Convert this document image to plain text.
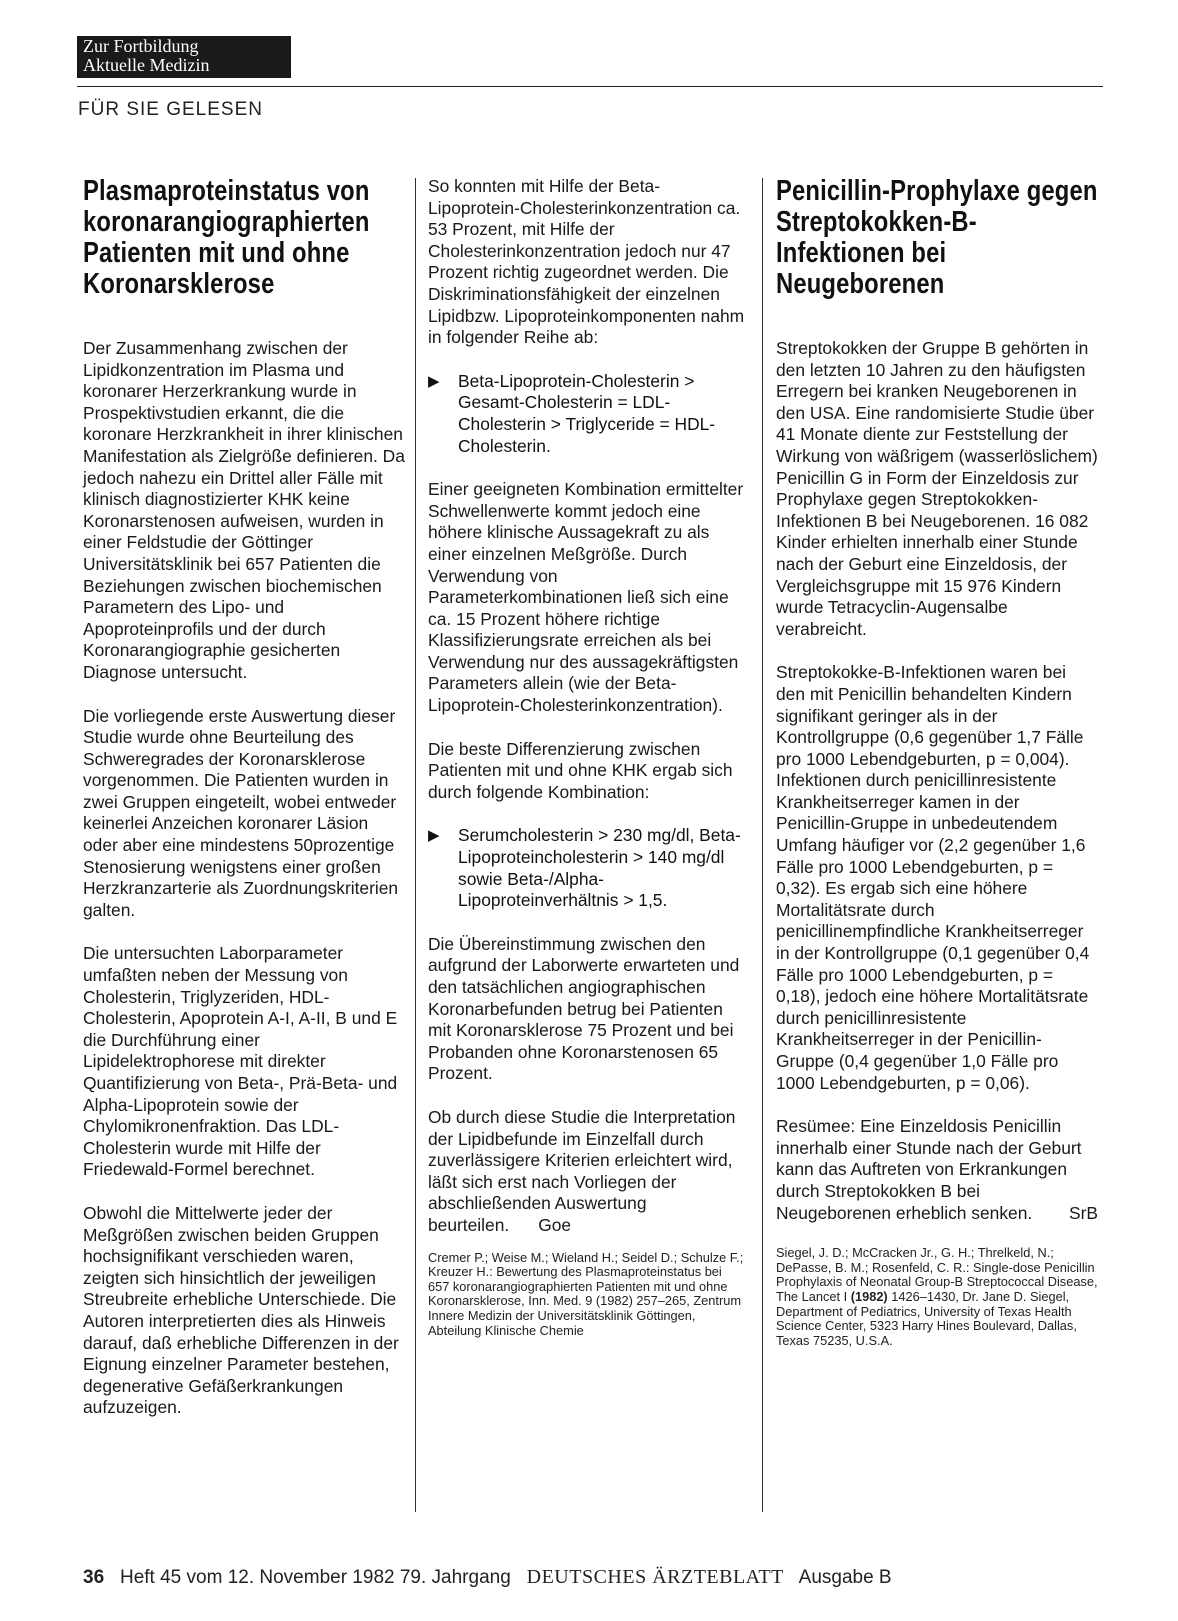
Zur Fortbildung
Aktuelle Medizin
FÜR SIE GELESEN
Plasmaproteinstatus von koronarangiographierten Patienten mit und ohne Koronarsklerose

Der Zusammenhang zwischen der Lipidkonzentration im Plasma und koronarer Herzerkrankung wurde in Prospektivstudien erkannt, die die koronare Herzkrankheit in ihrer klinischen Manifestation als Zielgröße definieren. Da jedoch nahezu ein Drittel aller Fälle mit klinisch diagnostizierter KHK keine Koronarstenosen aufweisen, wurden in einer Feldstudie der Göttinger Universitätsklinik bei 657 Patienten die Beziehungen zwischen biochemischen Parametern des Lipo- und Apoproteinprofils und der durch Koronarangiographie gesicherten Diagnose untersucht.

Die vorliegende erste Auswertung dieser Studie wurde ohne Beurteilung des Schweregrades der Koronarsklerose vorgenommen. Die Patienten wurden in zwei Gruppen eingeteilt, wobei entweder keinerlei Anzeichen koronarer Läsion oder aber eine mindestens 50prozentige Stenosierung wenigstens einer großen Herzkranzarterie als Zuordnungskriterien galten.

Die untersuchten Laborparameter umfaßten neben der Messung von Cholesterin, Triglyzeriden, HDL-Cholesterin, Apoprotein A-I, A-II, B und E die Durchführung einer Lipidelektrophorese mit direkter Quantifizierung von Beta-, Prä-Beta- und Alpha-Lipoprotein sowie der Chylomikronenfraktion. Das LDL-Cholesterin wurde mit Hilfe der Friedewald-Formel berechnet.

Obwohl die Mittelwerte jeder der Meßgrößen zwischen beiden Gruppen hochsignifikant verschieden waren, zeigten sich hinsichtlich der jeweiligen Streubreite erhebliche Unterschiede. Die Autoren interpretierten dies als Hinweis darauf, daß erhebliche Differenzen in der Eignung einzelner Parameter bestehen, degenerative Gefäßerkrankungen aufzuzeigen.

So konnten mit Hilfe der Beta-Lipoprotein-Cholesterinkonzentration ca. 53 Prozent, mit Hilfe der Cholesterinkonzentration jedoch nur 47 Prozent richtig zugeordnet werden. Die Diskriminationsfähigkeit der einzelnen Lipidbzw. Lipoproteinkomponenten nahm in folgender Reihe ab:

▶	Beta-Lipoprotein-Cholesterin > Gesamt-Cholesterin = LDL-Cholesterin > Triglyceride = HDL-Cholesterin.

Einer geeigneten Kombination ermittelter Schwellenwerte kommt jedoch eine höhere klinische Aussagekraft zu als einer einzelnen Meßgröße. Durch Verwendung von Parameterkombinationen ließ sich eine ca. 15 Prozent höhere richtige Klassifizierungsrate erreichen als bei Verwendung nur des aussagekräftigsten Parameters allein (wie der Beta-Lipoprotein-Cholesterinkonzentration).

Die beste Differenzierung zwischen Patienten mit und ohne KHK ergab sich durch folgende Kombination:

▶	Serumcholesterin > 230 mg/dl, Beta-Lipoproteincholesterin > 140 mg/dl sowie Beta-/Alpha-Lipoproteinverhältnis > 1,5.

Die Übereinstimmung zwischen den aufgrund der Laborwerte erwarteten und den tatsächlichen angiographischen Koronarbefunden betrug bei Patienten mit Koronarsklerose 75 Prozent und bei Probanden ohne Koronarstenosen 65 Prozent.

Ob durch diese Studie die Interpretation der Lipidbefunde im Einzelfall durch zuverlässigere Kriterien erleichtert wird, läßt sich erst nach Vorliegen der abschließenden Auswertung beurteilen. Goe

Cremer P.; Weise M.; Wieland H.; Seidel D.; Schulze F.; Kreuzer H.: Bewertung des Plasmaproteinstatus bei 657 koronarangiographierten Patienten mit und ohne Koronarsklerose, Inn. Med. 9 (1982) 257–265, Zentrum Innere Medizin der Universitätsklinik Göttingen, Abteilung Klinische Chemie
Penicillin-Prophylaxe gegen Streptokokken-B-Infektionen bei Neugeborenen

Streptokokken der Gruppe B gehörten in den letzten 10 Jahren zu den häufigsten Erregern bei kranken Neugeborenen in den USA. Eine randomisierte Studie über 41 Monate diente zur Feststellung der Wirkung von wäßrigem (wasserlöslichem) Penicillin G in Form der Einzeldosis zur Prophylaxe gegen Streptokokken-Infektionen B bei Neugeborenen. 16 082 Kinder erhielten innerhalb einer Stunde nach der Geburt eine Einzeldosis, der Vergleichsgruppe mit 15 976 Kindern wurde Tetracyclin-Augensalbe verabreicht.

Streptokokke-B-Infektionen waren bei den mit Penicillin behandelten Kindern signifikant geringer als in der Kontrollgruppe (0,6 gegenüber 1,7 Fälle pro 1000 Lebendgeburten, p = 0,004). Infektionen durch penicillinresistente Krankheitserreger kamen in der Penicillin-Gruppe in unbedeutendem Umfang häufiger vor (2,2 gegenüber 1,6 Fälle pro 1000 Lebendgeburten, p = 0,32). Es ergab sich eine höhere Mortalitätsrate durch penicillinempfindliche Krankheitserreger in der Kontrollgruppe (0,1 gegenüber 0,4 Fälle pro 1000 Lebendgeburten, p = 0,18), jedoch eine höhere Mortalitätsrate durch penicillinresistente Krankheitserreger in der Penicillin-Gruppe (0,4 gegenüber 1,0 Fälle pro 1000 Lebendgeburten, p = 0,06).

Resümee: Eine Einzeldosis Penicillin innerhalb einer Stunde nach der Geburt kann das Auftreten von Erkrankungen durch Streptokokken B bei Neugeborenen erheblich senken. SrB

Siegel, J. D.; McCracken Jr., G. H.; Threlkeld, N.; DePasse, B. M.; Rosenfeld, C. R.: Single-dose Penicillin Prophylaxis of Neonatal Group-B Streptococcal Disease, The Lancet I (1982) 1426–1430, Dr. Jane D. Siegel, Department of Pediatrics, University of Texas Health Science Center, 5323 Harry Hines Boulevard, Dallas, Texas 75235, U.S.A.
36 Heft 45 vom 12. November 1982 79. Jahrgang DEUTSCHES ÄRZTEBLATT Ausgabe B
